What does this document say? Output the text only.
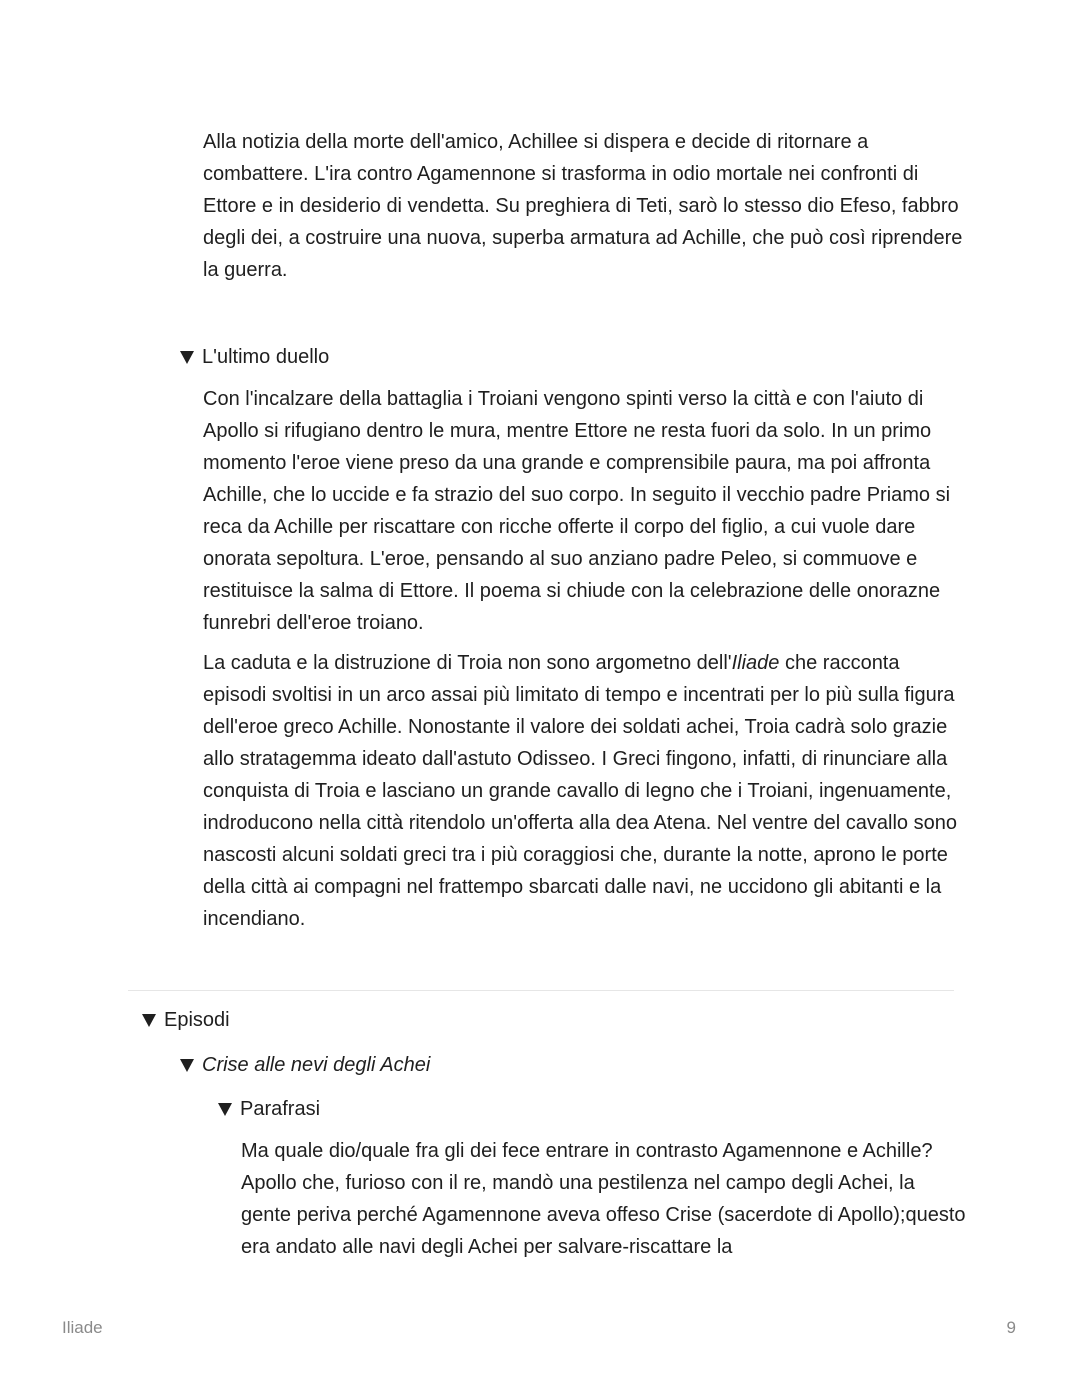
Alla notizia della morte dell'amico, Achillee si dispera e decide di ritornare a combattere. L'ira contro Agamennone si trasforma in odio mortale nei confronti di Ettore e in desiderio di vendetta. Su preghiera di Teti, sarò lo stesso dio Efeso, fabbro degli dei, a costruire una nuova, superba armatura ad Achille, che può così riprendere la guerra.

L'ultimo duello

Con l'incalzare della battaglia i Troiani vengono spinti verso la città e con l'aiuto di Apollo si rifugiano dentro le mura, mentre Ettore ne resta fuori da solo. In un primo momento l'eroe viene preso da una grande e comprensibile paura, ma poi affronta Achille, che lo uccide e fa strazio del suo corpo. In seguito il vecchio padre Priamo si reca da Achille per riscattare con ricche offerte il corpo del figlio, a cui vuole dare onorata sepoltura. L'eroe, pensando al suo anziano padre Peleo, si commuove e restituisce la salma di Ettore. Il poema si chiude con la celebrazione delle onorazne funrebri dell'eroe troiano.

La caduta e la distruzione di Troia non sono argometno dell'Iliade che racconta episodi svoltisi in un arco assai più limitato di tempo e incentrati per lo più sulla figura dell'eroe greco Achille. Nonostante il valore dei soldati achei, Troia cadrà solo grazie allo stratagemma ideato dall'astuto Odisseo. I Greci fingono, infatti, di rinunciare alla conquista di Troia e lasciano un grande cavallo di legno che i Troiani, ingenuamente, indroducono nella città ritendolo un'offerta alla dea Atena. Nel ventre del cavallo sono nascosti alcuni soldati greci tra i più coraggiosi che, durante la notte, aprono le porte della città ai compagni nel frattempo sbarcati dalle navi, ne uccidono gli abitanti e la incendiano.

Episodi
Crise alle nevi degli Achei
Parafrasi

Ma quale dio/quale fra gli dei fece entrare in contrasto Agamennone e Achille? Apollo che, furioso con il re, mandò una pestilenza nel campo degli Achei, la gente periva perché Agamennone aveva offeso Crise (sacerdote di Apollo);questo era andato alle navi degli Achei per salvare-riscattare la

Iliade	9
